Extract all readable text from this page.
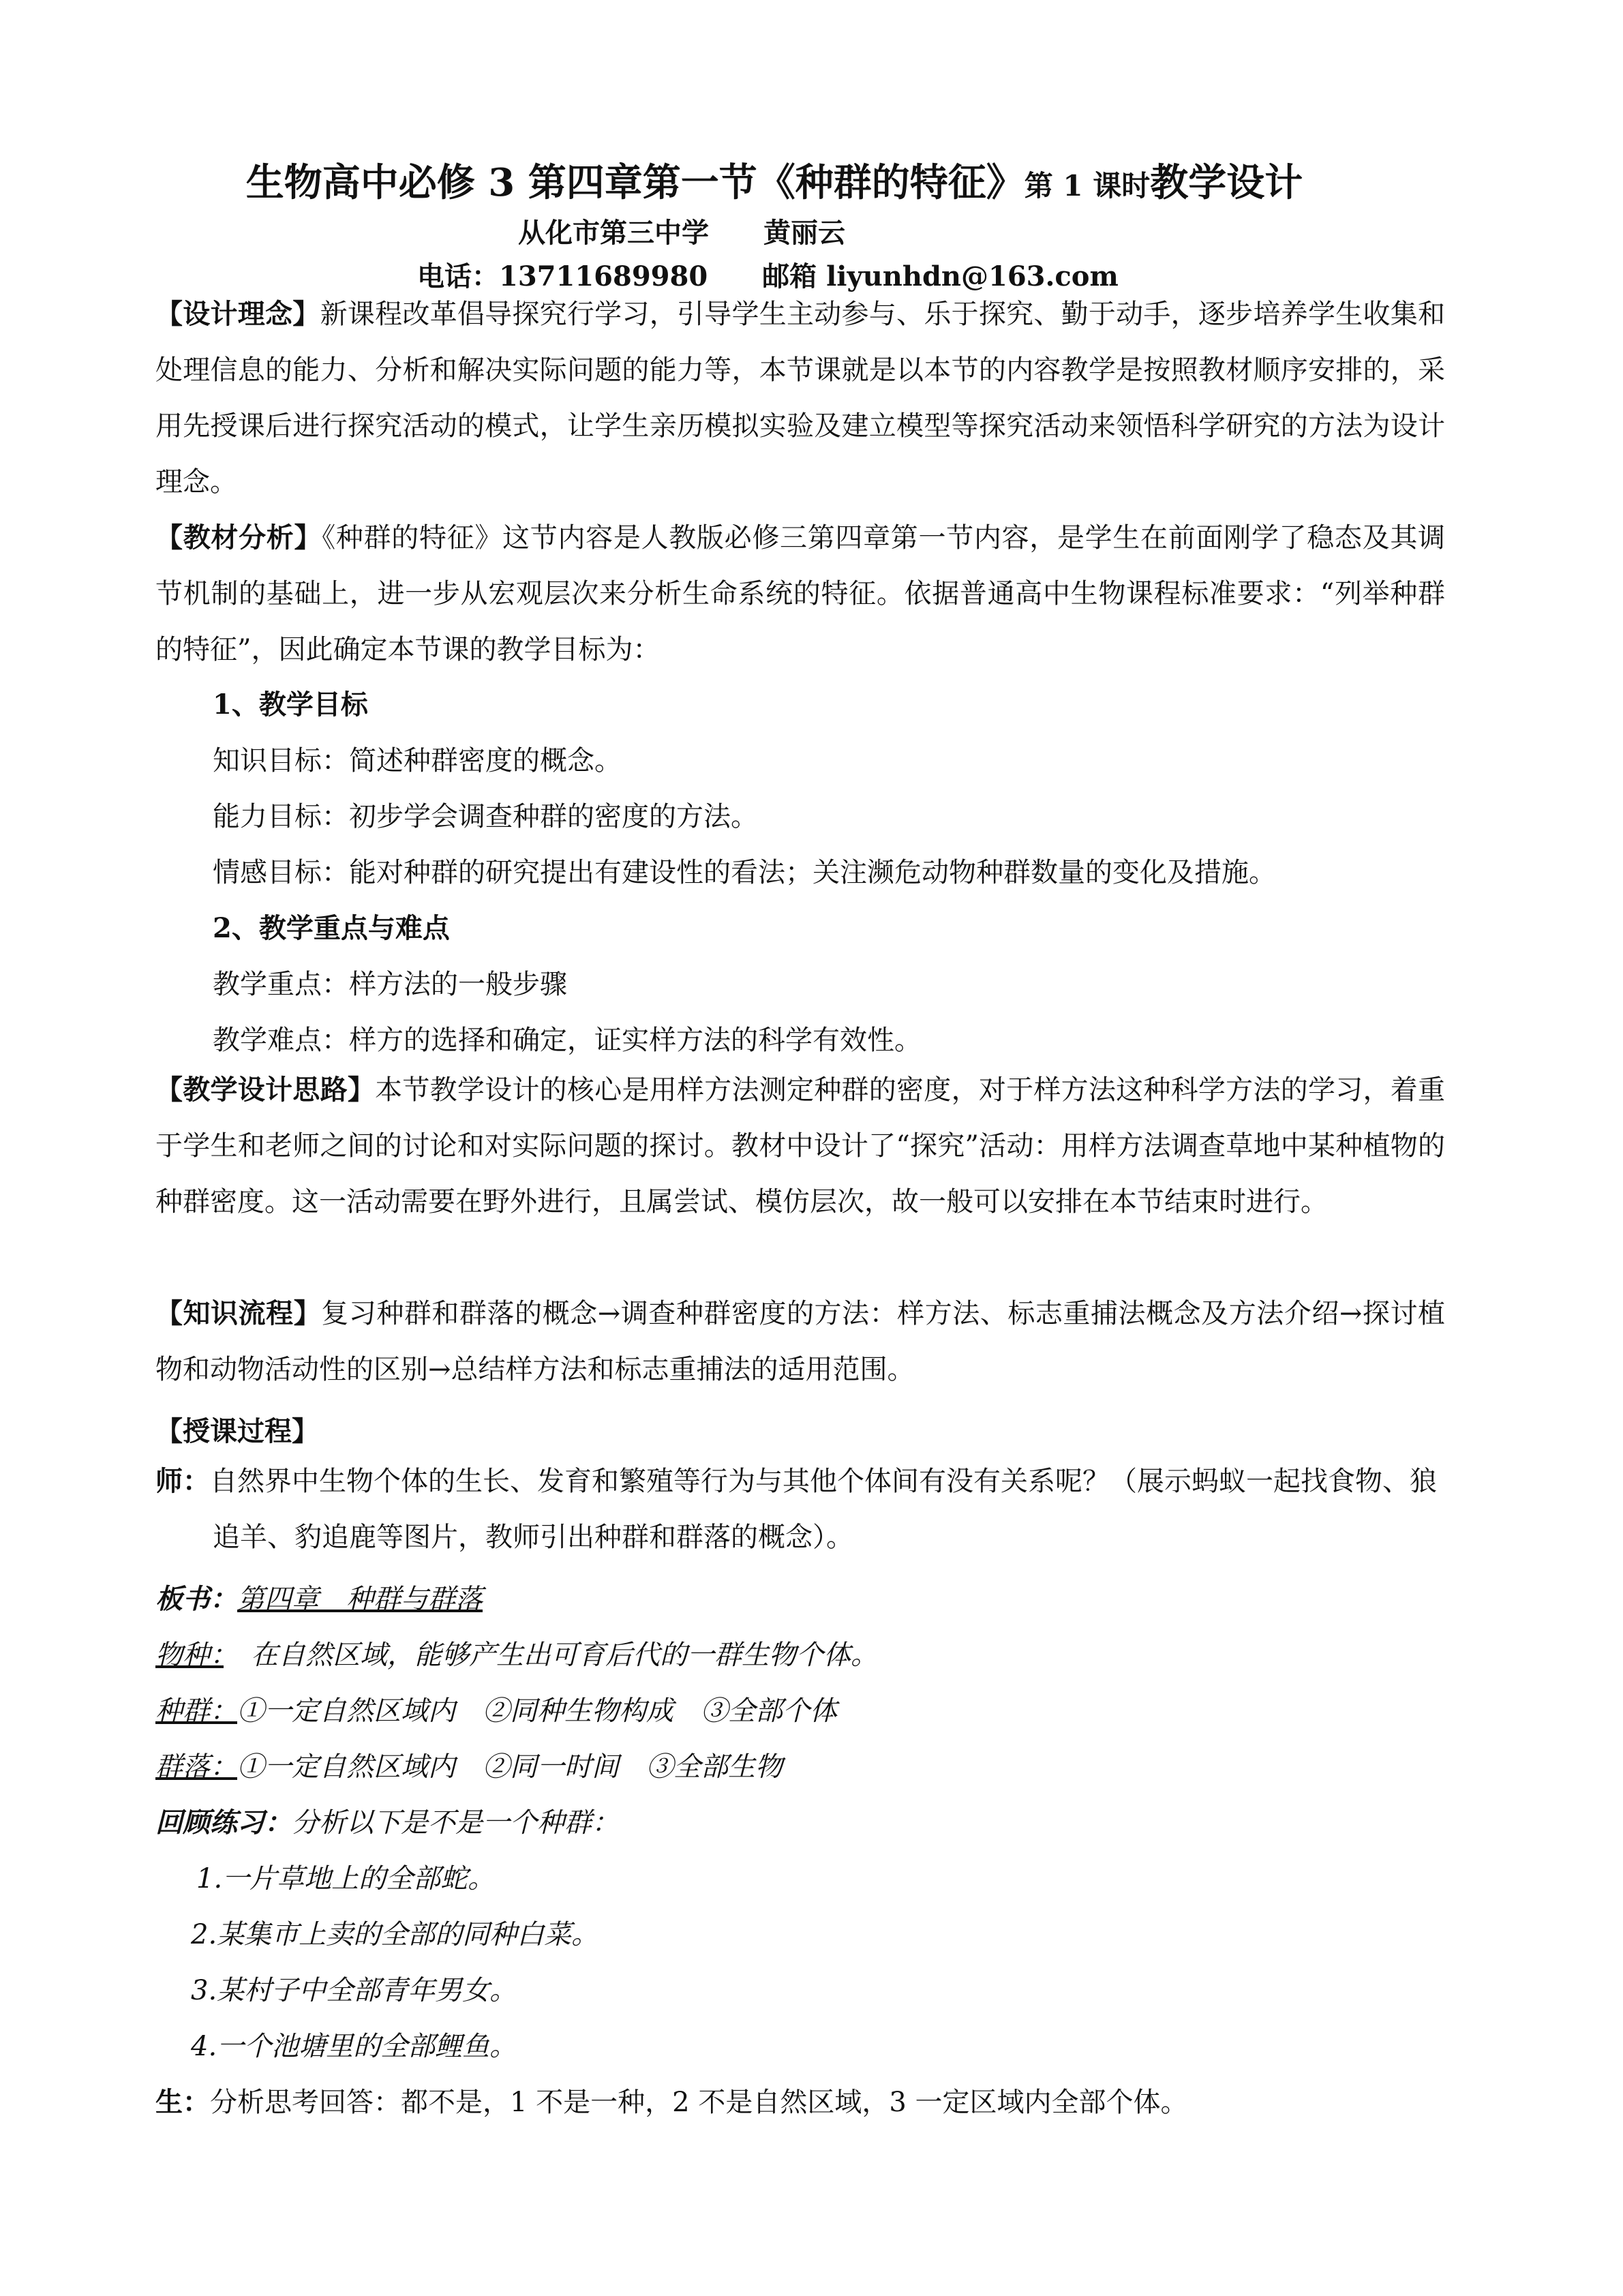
生物高中必修 3 第四章第一节《种群的特征》第 1 课时教学设计
从化市第三中学　　黄丽云
电话：13711689980　　邮箱 liyunhdn@163.com
【设计理念】新课程改革倡导探究行学习，引导学生主动参与、乐于探究、勤于动手，逐步培养学生收集和处理信息的能力、分析和解决实际问题的能力等，本节课就是以本节的内容教学是按照教材顺序安排的，采用先授课后进行探究活动的模式，让学生亲历模拟实验及建立模型等探究活动来领悟科学研究的方法为设计理念。
【教材分析】《种群的特征》这节内容是人教版必修三第四章第一节内容，是学生在前面刚学了稳态及其调节机制的基础上，进一步从宏观层次来分析生命系统的特征。依据普通高中生物课程标准要求：“列举种群的特征”，因此确定本节课的教学目标为：
1、教学目标
知识目标：简述种群密度的概念。
能力目标：初步学会调查种群的密度的方法。
情感目标：能对种群的研究提出有建设性的看法；关注濒危动物种群数量的变化及措施。
2、教学重点与难点
教学重点：样方法的一般步骤
教学难点：样方的选择和确定，证实样方法的科学有效性。
【教学设计思路】本节教学设计的核心是用样方法测定种群的密度，对于样方法这种科学方法的学习，着重于学生和老师之间的讨论和对实际问题的探讨。教材中设计了“探究”活动：用样方法调查草地中某种植物的种群密度。这一活动需要在野外进行，且属尝试、模仿层次，故一般可以安排在本节结束时进行。
【知识流程】复习种群和群落的概念→调查种群密度的方法：样方法、标志重捕法概念及方法介绍→探讨植物和动物活动性的区别→总结样方法和标志重捕法的适用范围。
【授课过程】
师：自然界中生物个体的生长、发育和繁殖等行为与其他个体间有没有关系呢？（展示蚂蚁一起找食物、狼追羊、豹追鹿等图片，教师引出种群和群落的概念）。
板书：第四章　种群与群落
物种：　在自然区域，能够产生出可育后代的一群生物个体。
种群：①一定自然区域内　②同种生物构成　③全部个体
群落：①一定自然区域内　②同一时间　③全部生物
回顾练习：分析以下是不是一个种群：
1.一片草地上的全部蛇。
2.某集市上卖的全部的同种白菜。
3.某村子中全部青年男女。
4.一个池塘里的全部鲤鱼。
生：分析思考回答：都不是，1 不是一种，2 不是自然区域，3 一定区域内全部个体。
